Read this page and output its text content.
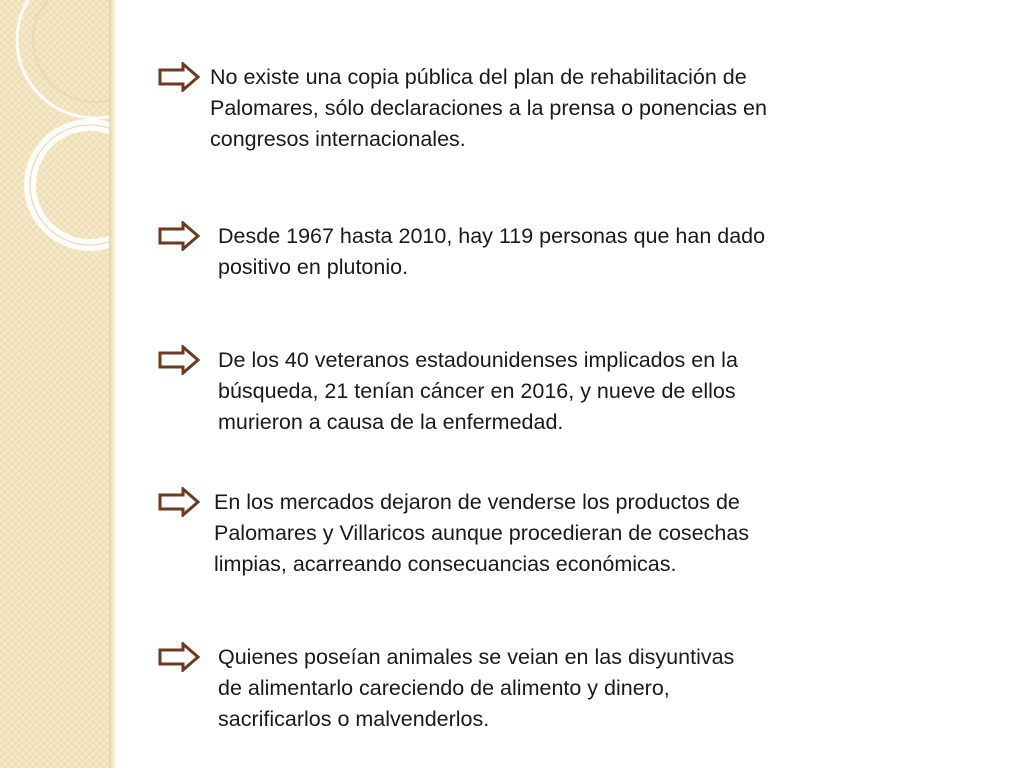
No existe una copia pública del plan de rehabilitación de
Palomares, sólo declaraciones a la prensa o ponencias en
congresos internacionales.
Desde 1967 hasta 2010, hay 119 personas que han dado
positivo en plutonio.
De los 40 veteranos estadounidenses implicados en la
búsqueda, 21 tenían cáncer en 2016, y nueve de ellos
murieron a causa de la enfermedad.
En los mercados dejaron de venderse los productos de
Palomares y Villaricos aunque procedieran de cosechas
limpias, acarreando consecuancias económicas.
Quienes poseían animales se veian en las disyuntivas
de alimentarlo careciendo de alimento y dinero,
sacrificarlos o malvenderlos.
